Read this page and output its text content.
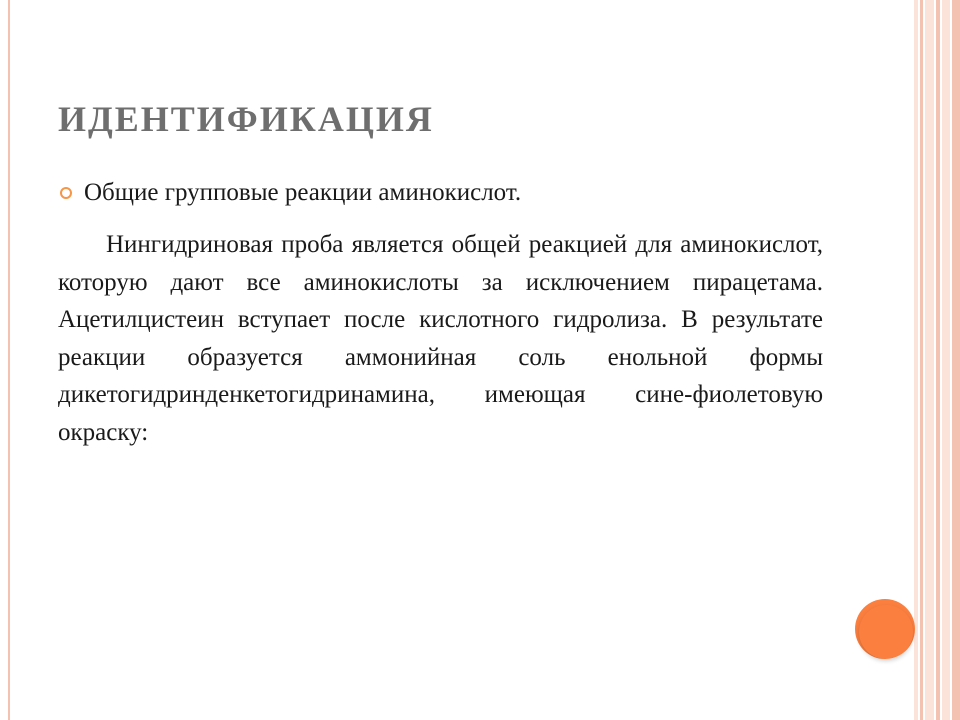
ИДЕНТИФИКАЦИЯ
Общие групповые реакции аминокислот.

Нингидриновая проба является общей реакцией для аминокислот, которую дают все аминокислоты за исключением пирацетама. Ацетилцистеин вступает после кислотного гидролиза. В результате реакции образуется аммонийная соль енольной формы дикетогидринденкетогидринамина, имеющая сине-фиолетовую окраску:
